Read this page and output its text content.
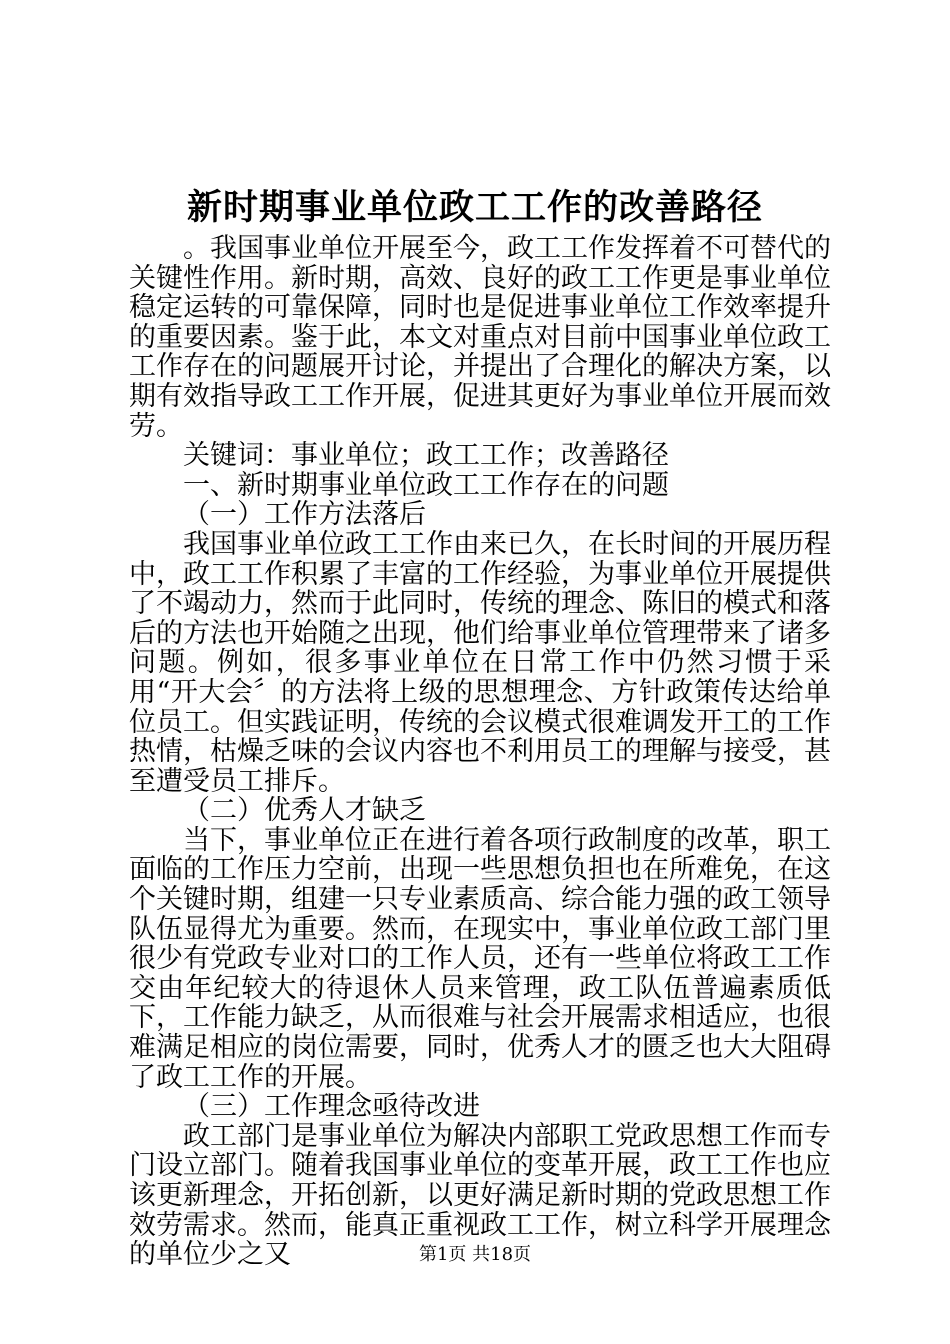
新时期事业单位政工工作的改善路径

。我国事业单位开展至今，政工工作发挥着不可替代的关键性作用。新时期，高效、良好的政工工作更是事业单位稳定运转的可靠保障，同时也是促进事业单位工作效率提升的重要因素。鉴于此，本文对重点对目前中国事业单位政工工作存在的问题展开讨论，并提出了合理化的解决方案，以期有效指导政工工作开展，促进其更好为事业单位开展而效劳。

关键词：事业单位；政工工作；改善路径

一、新时期事业单位政工工作存在的问题

（一）工作方法落后

我国事业单位政工工作由来已久，在长时间的开展历程中，政工工作积累了丰富的工作经验，为事业单位开展提供了不竭动力，然而于此同时，传统的理念、陈旧的模式和落后的方法也开始随之出现，他们给事业单位管理带来了诸多问题。例如，很多事业单位在日常工作中仍然习惯于采用“开大会〞的方法将上级的思想理念、方针政策传达给单位员工。但实践证明，传统的会议模式很难调发开工的工作热情，枯燥乏味的会议内容也不利用员工的理解与接受，甚至遭受员工排斥。

（二）优秀人才缺乏

当下，事业单位正在进行着各项行政制度的改革，职工面临的工作压力空前，出现一些思想负担也在所难免，在这个关键时期，组建一只专业素质高、综合能力强的政工领导队伍显得尤为重要。然而，在现实中，事业单位政工部门里很少有党政专业对口的工作人员，还有一些单位将政工工作交由年纪较大的待退休人员来管理，政工队伍普遍素质低下，工作能力缺乏，从而很难与社会开展需求相适应，也很难满足相应的岗位需要，同时，优秀人才的匮乏也大大阻碍了政工工作的开展。

（三）工作理念亟待改进

政工部门是事业单位为解决内部职工党政思想工作而专门设立部门。随着我国事业单位的变革开展，政工工作也应该更新理念，开拓创新，以更好满足新时期的党政思想工作效劳需求。然而，能真正重视政工工作，树立科学开展理念的单位少之又	第1页 共18页
